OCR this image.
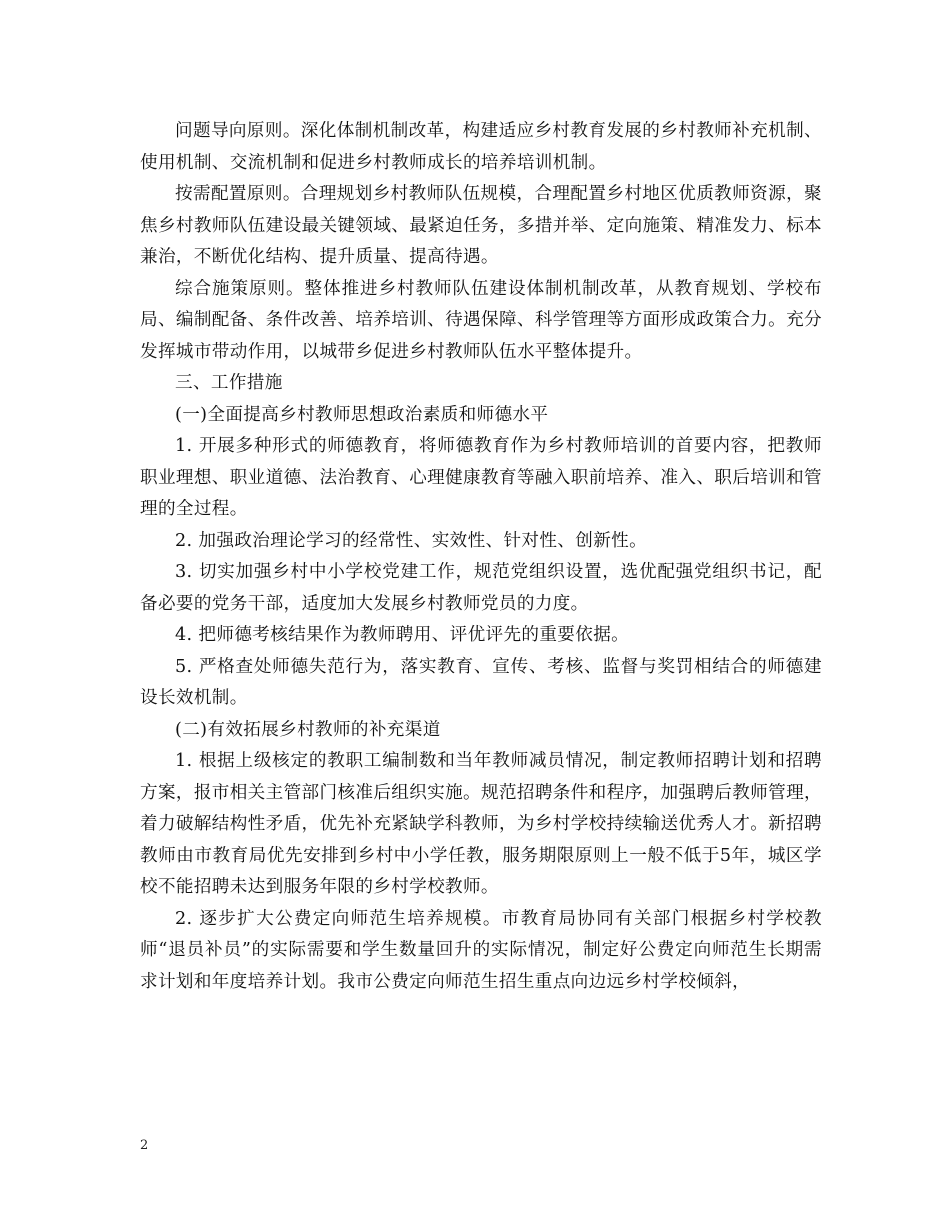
问题导向原则。深化体制机制改革，构建适应乡村教育发展的乡村教师补充机制、使用机制、交流机制和促进乡村教师成长的培养培训机制。

按需配置原则。合理规划乡村教师队伍规模，合理配置乡村地区优质教师资源，聚焦乡村教师队伍建设最关键领域、最紧迫任务，多措并举、定向施策、精准发力、标本兼治，不断优化结构、提升质量、提高待遇。

综合施策原则。整体推进乡村教师队伍建设体制机制改革，从教育规划、学校布局、编制配备、条件改善、培养培训、待遇保障、科学管理等方面形成政策合力。充分发挥城市带动作用，以城带乡促进乡村教师队伍水平整体提升。

三、工作措施

(一)全面提高乡村教师思想政治素质和师德水平

1. 开展多种形式的师德教育，将师德教育作为乡村教师培训的首要内容，把教师职业理想、职业道德、法治教育、心理健康教育等融入职前培养、准入、职后培训和管理的全过程。

2. 加强政治理论学习的经常性、实效性、针对性、创新性。

3. 切实加强乡村中小学校党建工作，规范党组织设置，选优配强党组织书记，配备必要的党务干部，适度加大发展乡村教师党员的力度。

4. 把师德考核结果作为教师聘用、评优评先的重要依据。

5. 严格查处师德失范行为，落实教育、宣传、考核、监督与奖罚相结合的师德建设长效机制。

(二)有效拓展乡村教师的补充渠道

1. 根据上级核定的教职工编制数和当年教师减员情况，制定教师招聘计划和招聘方案，报市相关主管部门核准后组织实施。规范招聘条件和程序，加强聘后教师管理，着力破解结构性矛盾，优先补充紧缺学科教师，为乡村学校持续输送优秀人才。新招聘教师由市教育局优先安排到乡村中小学任教，服务期限原则上一般不低于5年，城区学校不能招聘未达到服务年限的乡村学校教师。

2. 逐步扩大公费定向师范生培养规模。市教育局协同有关部门根据乡村学校教师“退员补员”的实际需要和学生数量回升的实际情况，制定好公费定向师范生长期需求计划和年度培养计划。我市公费定向师范生招生重点向边远乡村学校倾斜，

2
